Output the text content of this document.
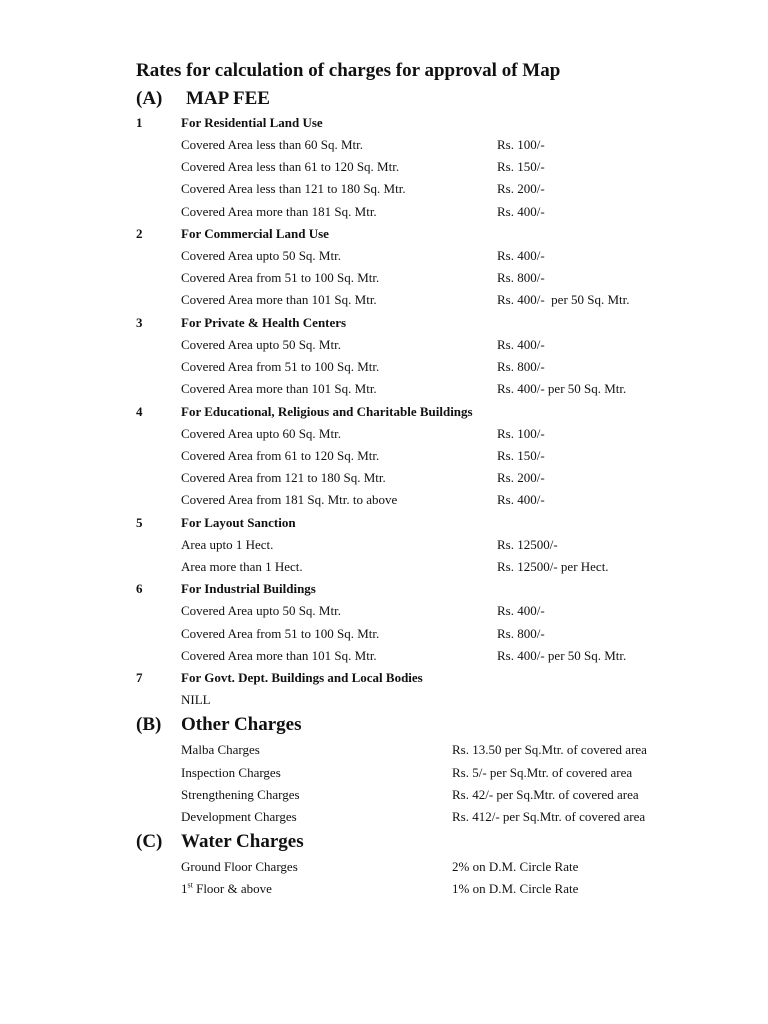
Rates for calculation of charges for approval of Map
(A) MAP FEE
1	For Residential Land Use
Covered Area less than 60 Sq. Mtr.	Rs. 100/-
Covered Area less than 61 to 120 Sq. Mtr.	Rs. 150/-
Covered Area less than 121 to 180 Sq. Mtr.	Rs. 200/-
Covered Area more than 181 Sq. Mtr.	Rs. 400/-
2	For Commercial Land Use
Covered Area upto 50 Sq. Mtr.	Rs. 400/-
Covered Area from 51 to 100 Sq. Mtr.	Rs. 800/-
Covered Area more than 101 Sq. Mtr.	Rs. 400/-  per 50 Sq. Mtr.
3	For Private & Health Centers
Covered Area upto 50 Sq. Mtr.	Rs. 400/-
Covered Area from 51 to 100 Sq. Mtr.	Rs. 800/-
Covered Area more than 101 Sq. Mtr.	Rs. 400/- per 50 Sq. Mtr.
4	For Educational, Religious and Charitable Buildings
Covered Area upto 60 Sq. Mtr.	Rs. 100/-
Covered Area from 61 to 120 Sq. Mtr.	Rs. 150/-
Covered Area from 121 to 180 Sq. Mtr.	Rs. 200/-
Covered Area from 181 Sq. Mtr. to above	Rs. 400/-
5	For Layout Sanction
Area upto 1 Hect.	Rs. 12500/-
Area more than 1 Hect.	Rs. 12500/- per Hect.
6	For Industrial Buildings
Covered Area upto 50 Sq. Mtr.	Rs. 400/-
Covered Area from 51 to 100 Sq. Mtr.	Rs. 800/-
Covered Area more than 101 Sq. Mtr.	Rs. 400/- per 50 Sq. Mtr.
7	For Govt. Dept. Buildings and Local Bodies
NILL
(B) Other Charges
Malba Charges	Rs. 13.50 per Sq.Mtr. of covered area
Inspection Charges	Rs. 5/- per Sq.Mtr. of covered area
Strengthening Charges	Rs. 42/- per Sq.Mtr. of covered area
Development Charges	Rs. 412/- per Sq.Mtr. of covered area
(C) Water Charges
Ground Floor Charges	2% on D.M. Circle Rate
1st Floor & above	1% on D.M. Circle Rate
